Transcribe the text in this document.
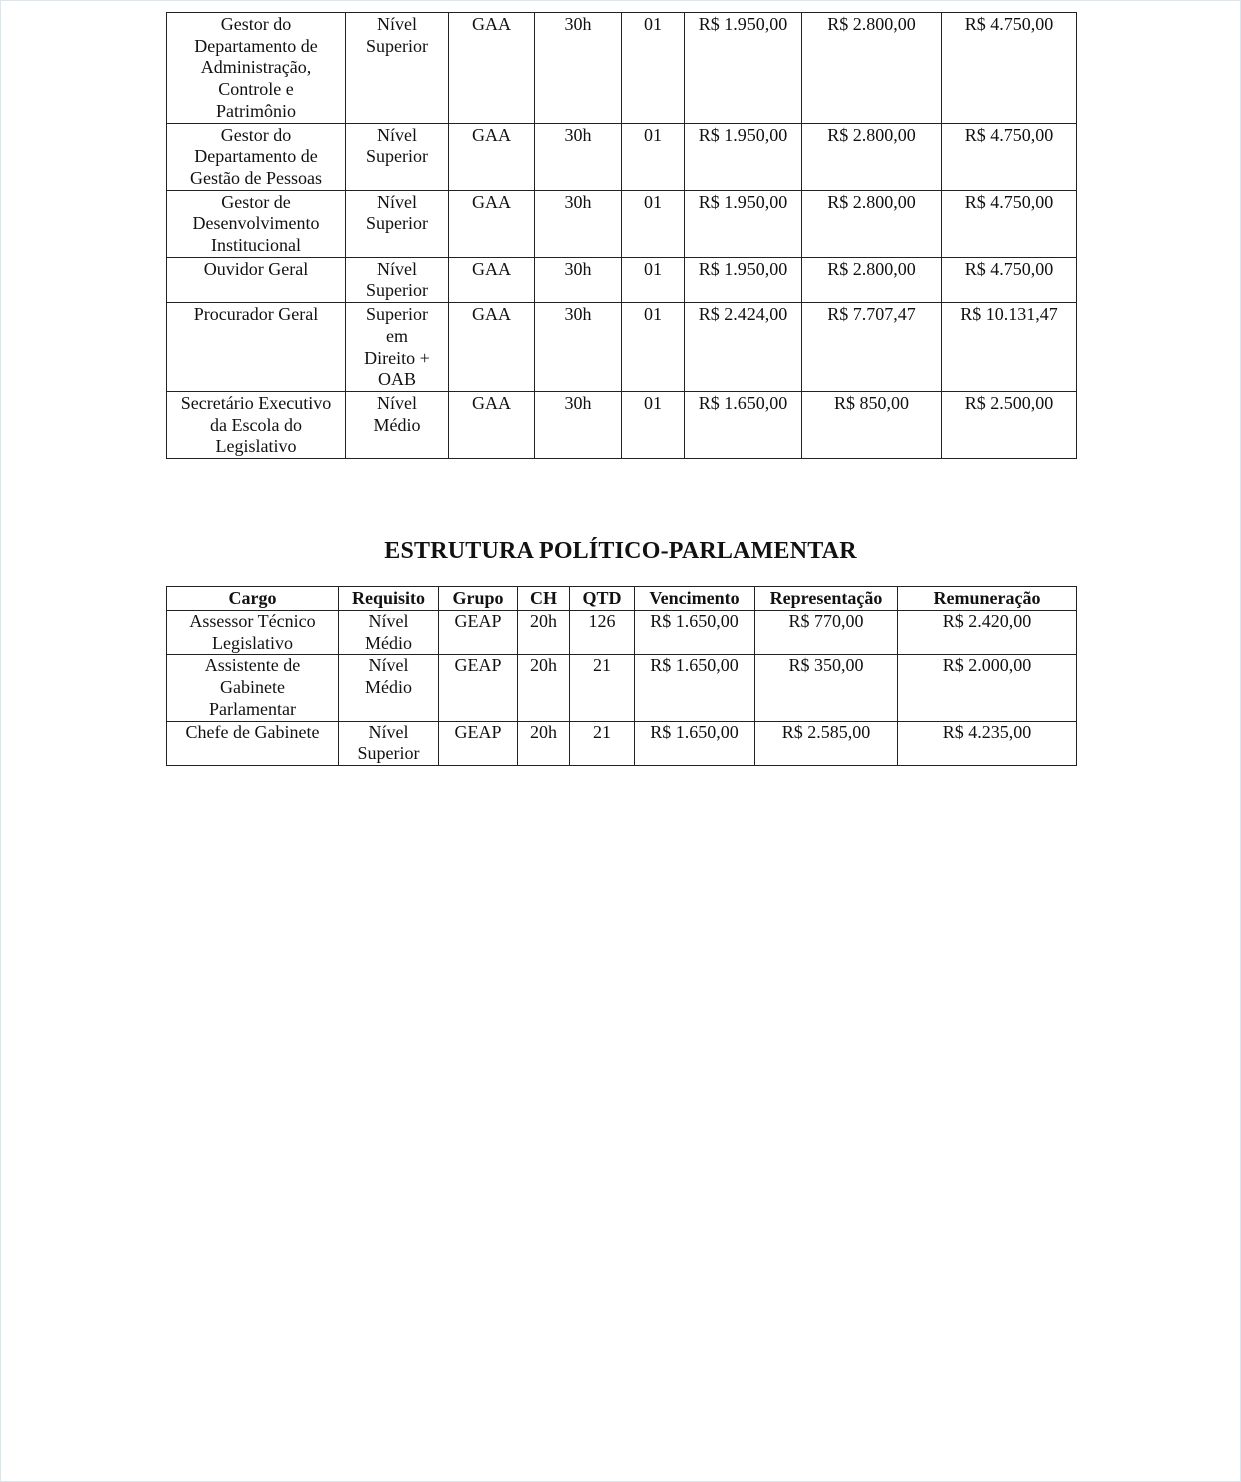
Gestor do Departamento de Administração, Controle e Patrimônio	Nível Superior	GAA	30h	01	R$ 1.950,00	R$ 2.800,00	R$ 4.750,00
Gestor do Departamento de Gestão de Pessoas	Nível Superior	GAA	30h	01	R$ 1.950,00	R$ 2.800,00	R$ 4.750,00
Gestor de Desenvolvimento Institucional	Nível Superior	GAA	30h	01	R$ 1.950,00	R$ 2.800,00	R$ 4.750,00
Ouvidor Geral	Nível Superior	GAA	30h	01	R$ 1.950,00	R$ 2.800,00	R$ 4.750,00
Procurador Geral	Superior em Direito + OAB	GAA	30h	01	R$ 2.424,00	R$ 7.707,47	R$ 10.131,47
Secretário Executivo da Escola do Legislativo	Nível Médio	GAA	30h	01	R$ 1.650,00	R$ 850,00	R$ 2.500,00
ESTRUTURA POLÍTICO-PARLAMENTAR
Cargo	Requisito	Grupo	CH	QTD	Vencimento	Representação	Remuneração
Assessor Técnico Legislativo	Nível Médio	GEAP	20h	126	R$ 1.650,00	R$ 770,00	R$ 2.420,00
Assistente de Gabinete Parlamentar	Nível Médio	GEAP	20h	21	R$ 1.650,00	R$ 350,00	R$ 2.000,00
Chefe de Gabinete	Nível Superior	GEAP	20h	21	R$ 1.650,00	R$ 2.585,00	R$ 4.235,00
